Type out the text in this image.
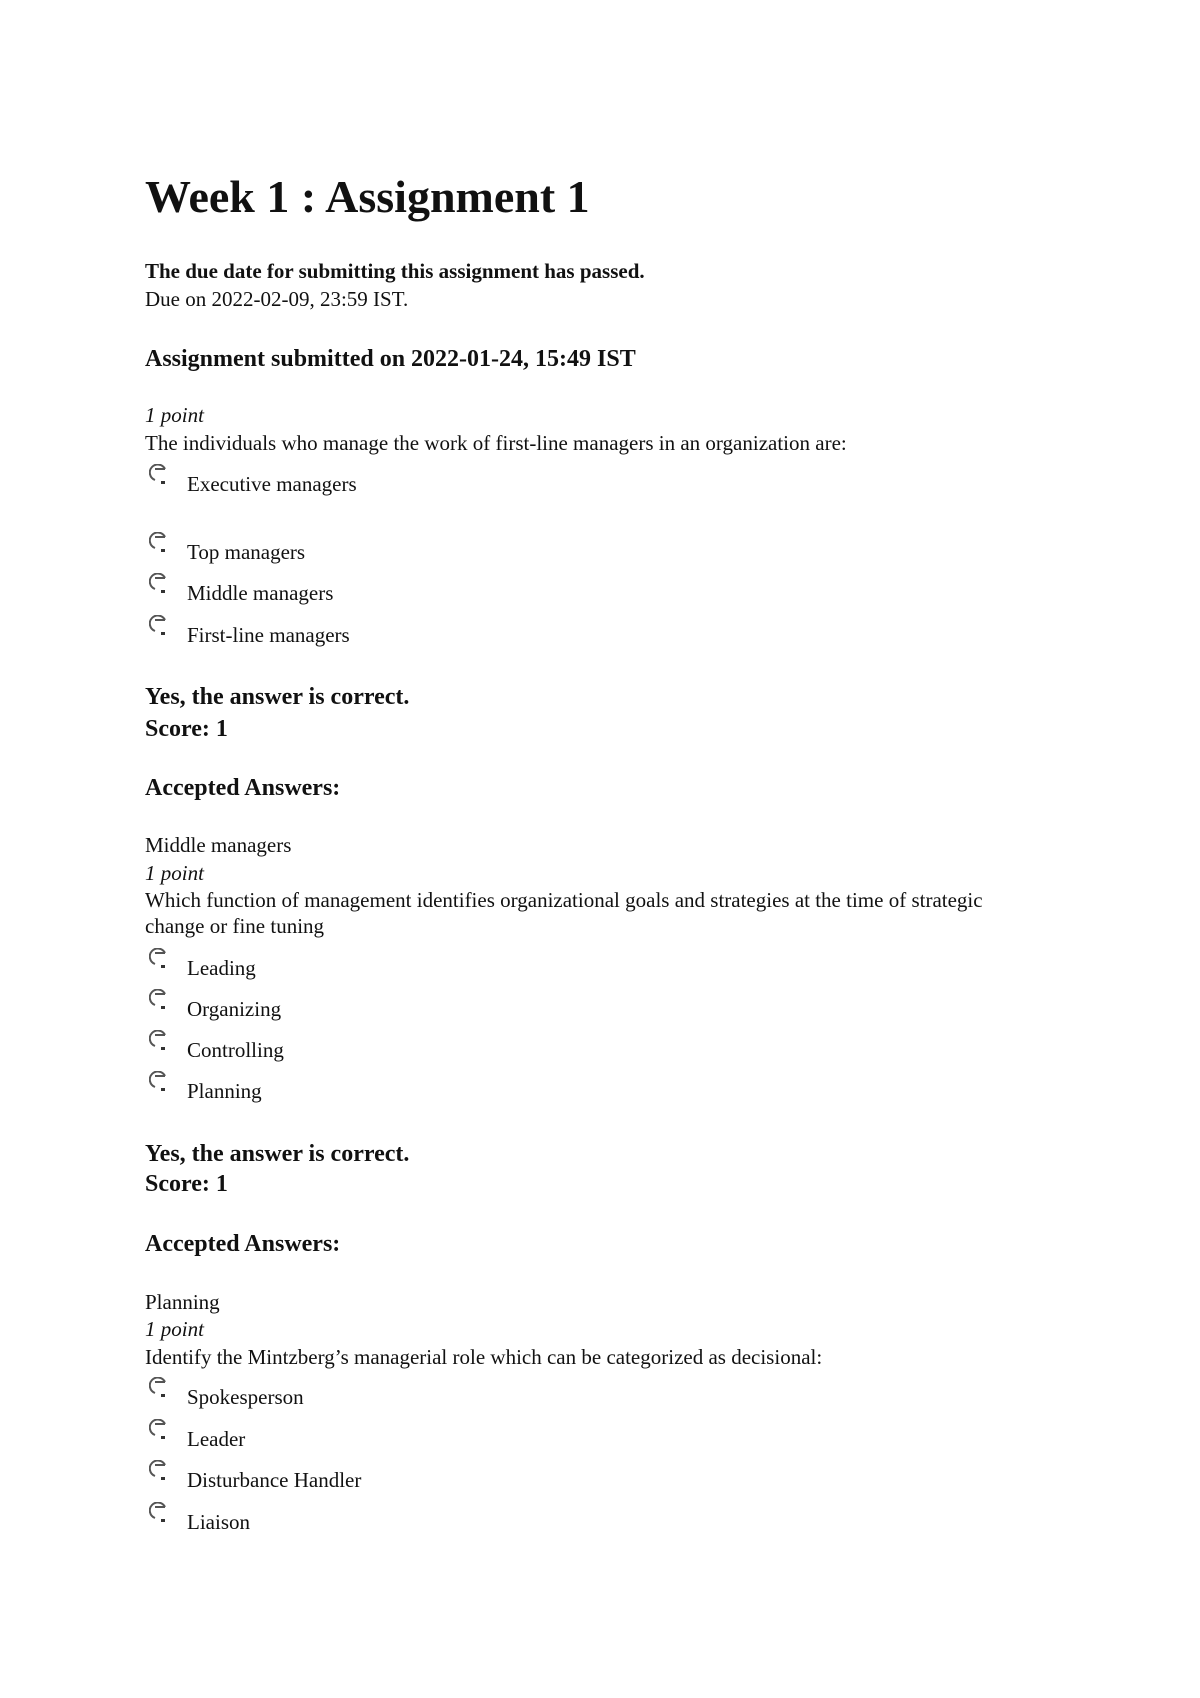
Week 1 : Assignment 1
The due date for submitting this assignment has passed.
Due on 2022-02-09, 23:59 IST.
Assignment submitted on 2022-01-24, 15:49 IST
1 point
The individuals who manage the work of first-line managers in an organization are:
Executive managers
Top managers
Middle managers
First-line managers
Yes, the answer is correct.
Score: 1
Accepted Answers:
Middle managers
1 point
Which function of management identifies organizational goals and strategies at the time of strategic change or fine tuning
Leading
Organizing
Controlling
Planning
Yes, the answer is correct.
Score: 1
Accepted Answers:
Planning
1 point
Identify the Mintzberg’s managerial role which can be categorized as decisional:
Spokesperson
Leader
Disturbance Handler
Liaison
